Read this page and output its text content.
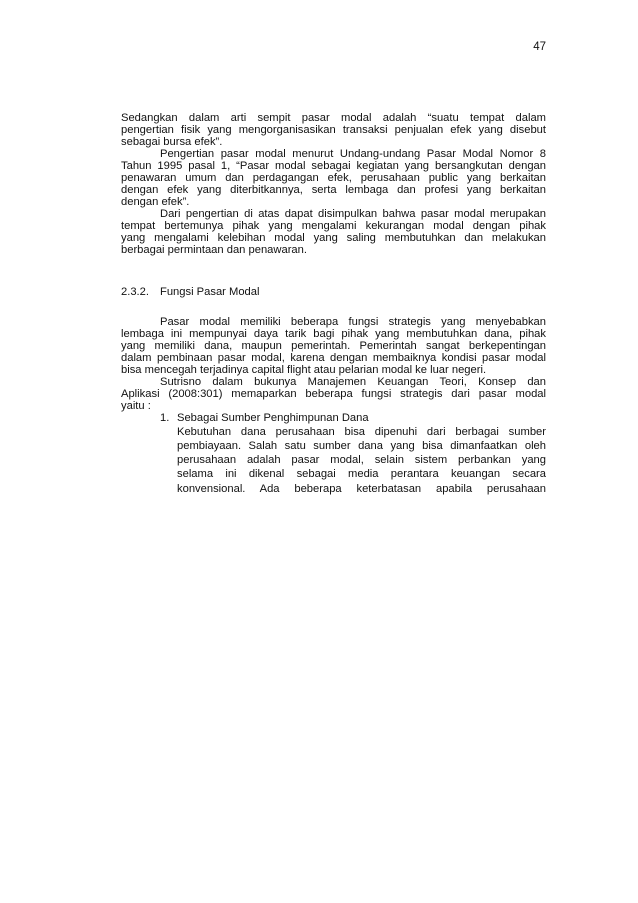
47

Sedangkan dalam arti sempit pasar modal adalah “suatu tempat dalam

pengertian fisik yang mengorganisasikan transaksi penjualan efek yang disebut

sebagai bursa efek”.

Pengertian pasar modal menurut Undang-undang Pasar Modal Nomor 8

Tahun 1995 pasal 1, “Pasar modal sebagai kegiatan yang bersangkutan dengan

penawaran umum dan perdagangan efek, perusahaan public yang berkaitan

dengan efek yang diterbitkannya, serta lembaga dan profesi yang berkaitan

dengan efek”.

Dari pengertian di atas dapat disimpulkan bahwa pasar modal merupakan

tempat bertemunya pihak yang mengalami kekurangan modal dengan pihak

yang mengalami kelebihan modal yang saling membutuhkan dan melakukan

berbagai permintaan dan penawaran.

2.3.2. Fungsi Pasar Modal

Pasar modal memiliki beberapa fungsi strategis yang menyebabkan

lembaga ini mempunyai daya tarik bagi pihak yang membutuhkan dana, pihak

yang memiliki dana, maupun pemerintah. Pemerintah sangat berkepentingan

dalam pembinaan pasar modal, karena dengan membaiknya kondisi pasar modal

bisa mencegah terjadinya capital flight atau pelarian modal ke luar negeri.

Sutrisno dalam bukunya Manajemen Keuangan Teori, Konsep dan

Aplikasi (2008:301) memaparkan beberapa fungsi strategis dari pasar modal

yaitu :

1. Sebagai Sumber Penghimpunan Dana
Kebutuhan dana perusahaan bisa dipenuhi dari berbagai sumber
pembiayaan. Salah satu sumber dana yang bisa dimanfaatkan oleh
perusahaan adalah pasar modal, selain sistem perbankan yang
selama ini dikenal sebagai media perantara keuangan secara
konvensional. Ada beberapa keterbatasan apabila perusahaan
